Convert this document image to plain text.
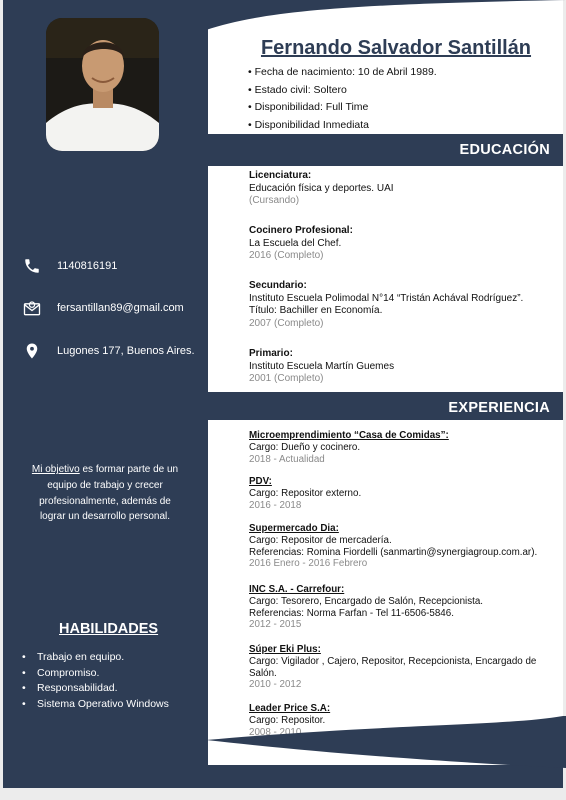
Fernando Salvador Santillán
• Fecha de nacimiento: 10 de Abril 1989.
• Estado civil: Soltero
• Disponibilidad: Full Time
• Disponibilidad Inmediata
EDUCACIÓN
Licenciatura:
Educación física y deportes. UAI
(Cursando)
Cocinero Profesional:
La Escuela del Chef.
2016 (Completo)
Secundario:
Instituto Escuela Polimodal N°14 “Tristán Achával Rodríguez”.
Título: Bachiller en Economía.
2007 (Completo)
Primario:
Instituto Escuela Martín Guemes
2001 (Completo)
EXPERIENCIA
Microemprendimiento “Casa de Comidas”:
Cargo: Dueño y cocinero.
2018 - Actualidad
PDV:
Cargo: Repositor externo.
2016 - 2018
Supermercado Dia:
Cargo: Repositor de mercadería.
Referencias: Romina Fiordelli (sanmartin@synergiagroup.com.ar).
2016 Enero - 2016 Febrero
INC S.A. - Carrefour:
Cargo: Tesorero, Encargado de Salón, Recepcionista.
Referencias: Norma Farfan - Tel 11-6506-5846.
2012 - 2015
Súper Eki Plus:
Cargo: Vigilador , Cajero, Repositor, Recepcionista, Encargado de
Salón.
2010 - 2012
Leader Price S.A:
Cargo: Repositor.
2008 - 2010
1140816191
fersantillan89@gmail.com
Lugones 177, Buenos Aires.
Mi objetivo es formar parte de un equipo de trabajo y crecer profesionalmente, además de lograr un desarrollo personal.
HABILIDADES
• Trabajo en equipo.
• Compromiso.
• Responsabilidad.
• Sistema Operativo Windows
